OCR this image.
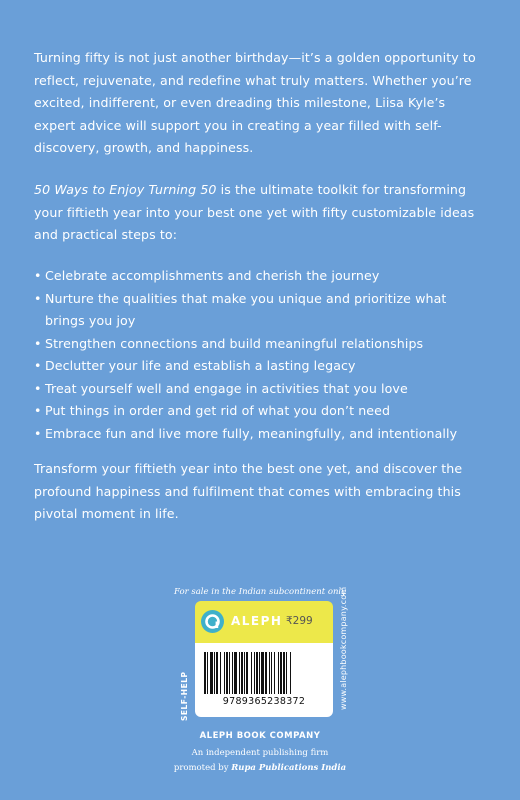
Turning fifty is not just another birthday—it’s a golden opportunity to reflect, rejuvenate, and redefine what truly matters. Whether you’re excited, indifferent, or even dreading this milestone, Liisa Kyle’s expert advice will support you in creating a year filled with self-discovery, growth, and happiness.

50 Ways to Enjoy Turning 50 is the ultimate toolkit for transforming your fiftieth year into your best one yet with fifty customizable ideas and practical steps to:

• Celebrate accomplishments and cherish the journey
• Nurture the qualities that make you unique and prioritize what brings you joy
• Strengthen connections and build meaningful relationships
• Declutter your life and establish a lasting legacy
• Treat yourself well and engage in activities that you love
• Put things in order and get rid of what you don’t need
• Embrace fun and live more fully, meaningfully, and intentionally

Transform your fiftieth year into the best one yet, and discover the profound happiness and fulfilment that comes with embracing this pivotal moment in life.

For sale in the Indian subcontinent only
ALEPH ₹299
9789365238372	www.alephbookcompany.com
SELF-HELP
ALEPH BOOK COMPANY
An independent publishing firm
promoted by Rupa Publications India
